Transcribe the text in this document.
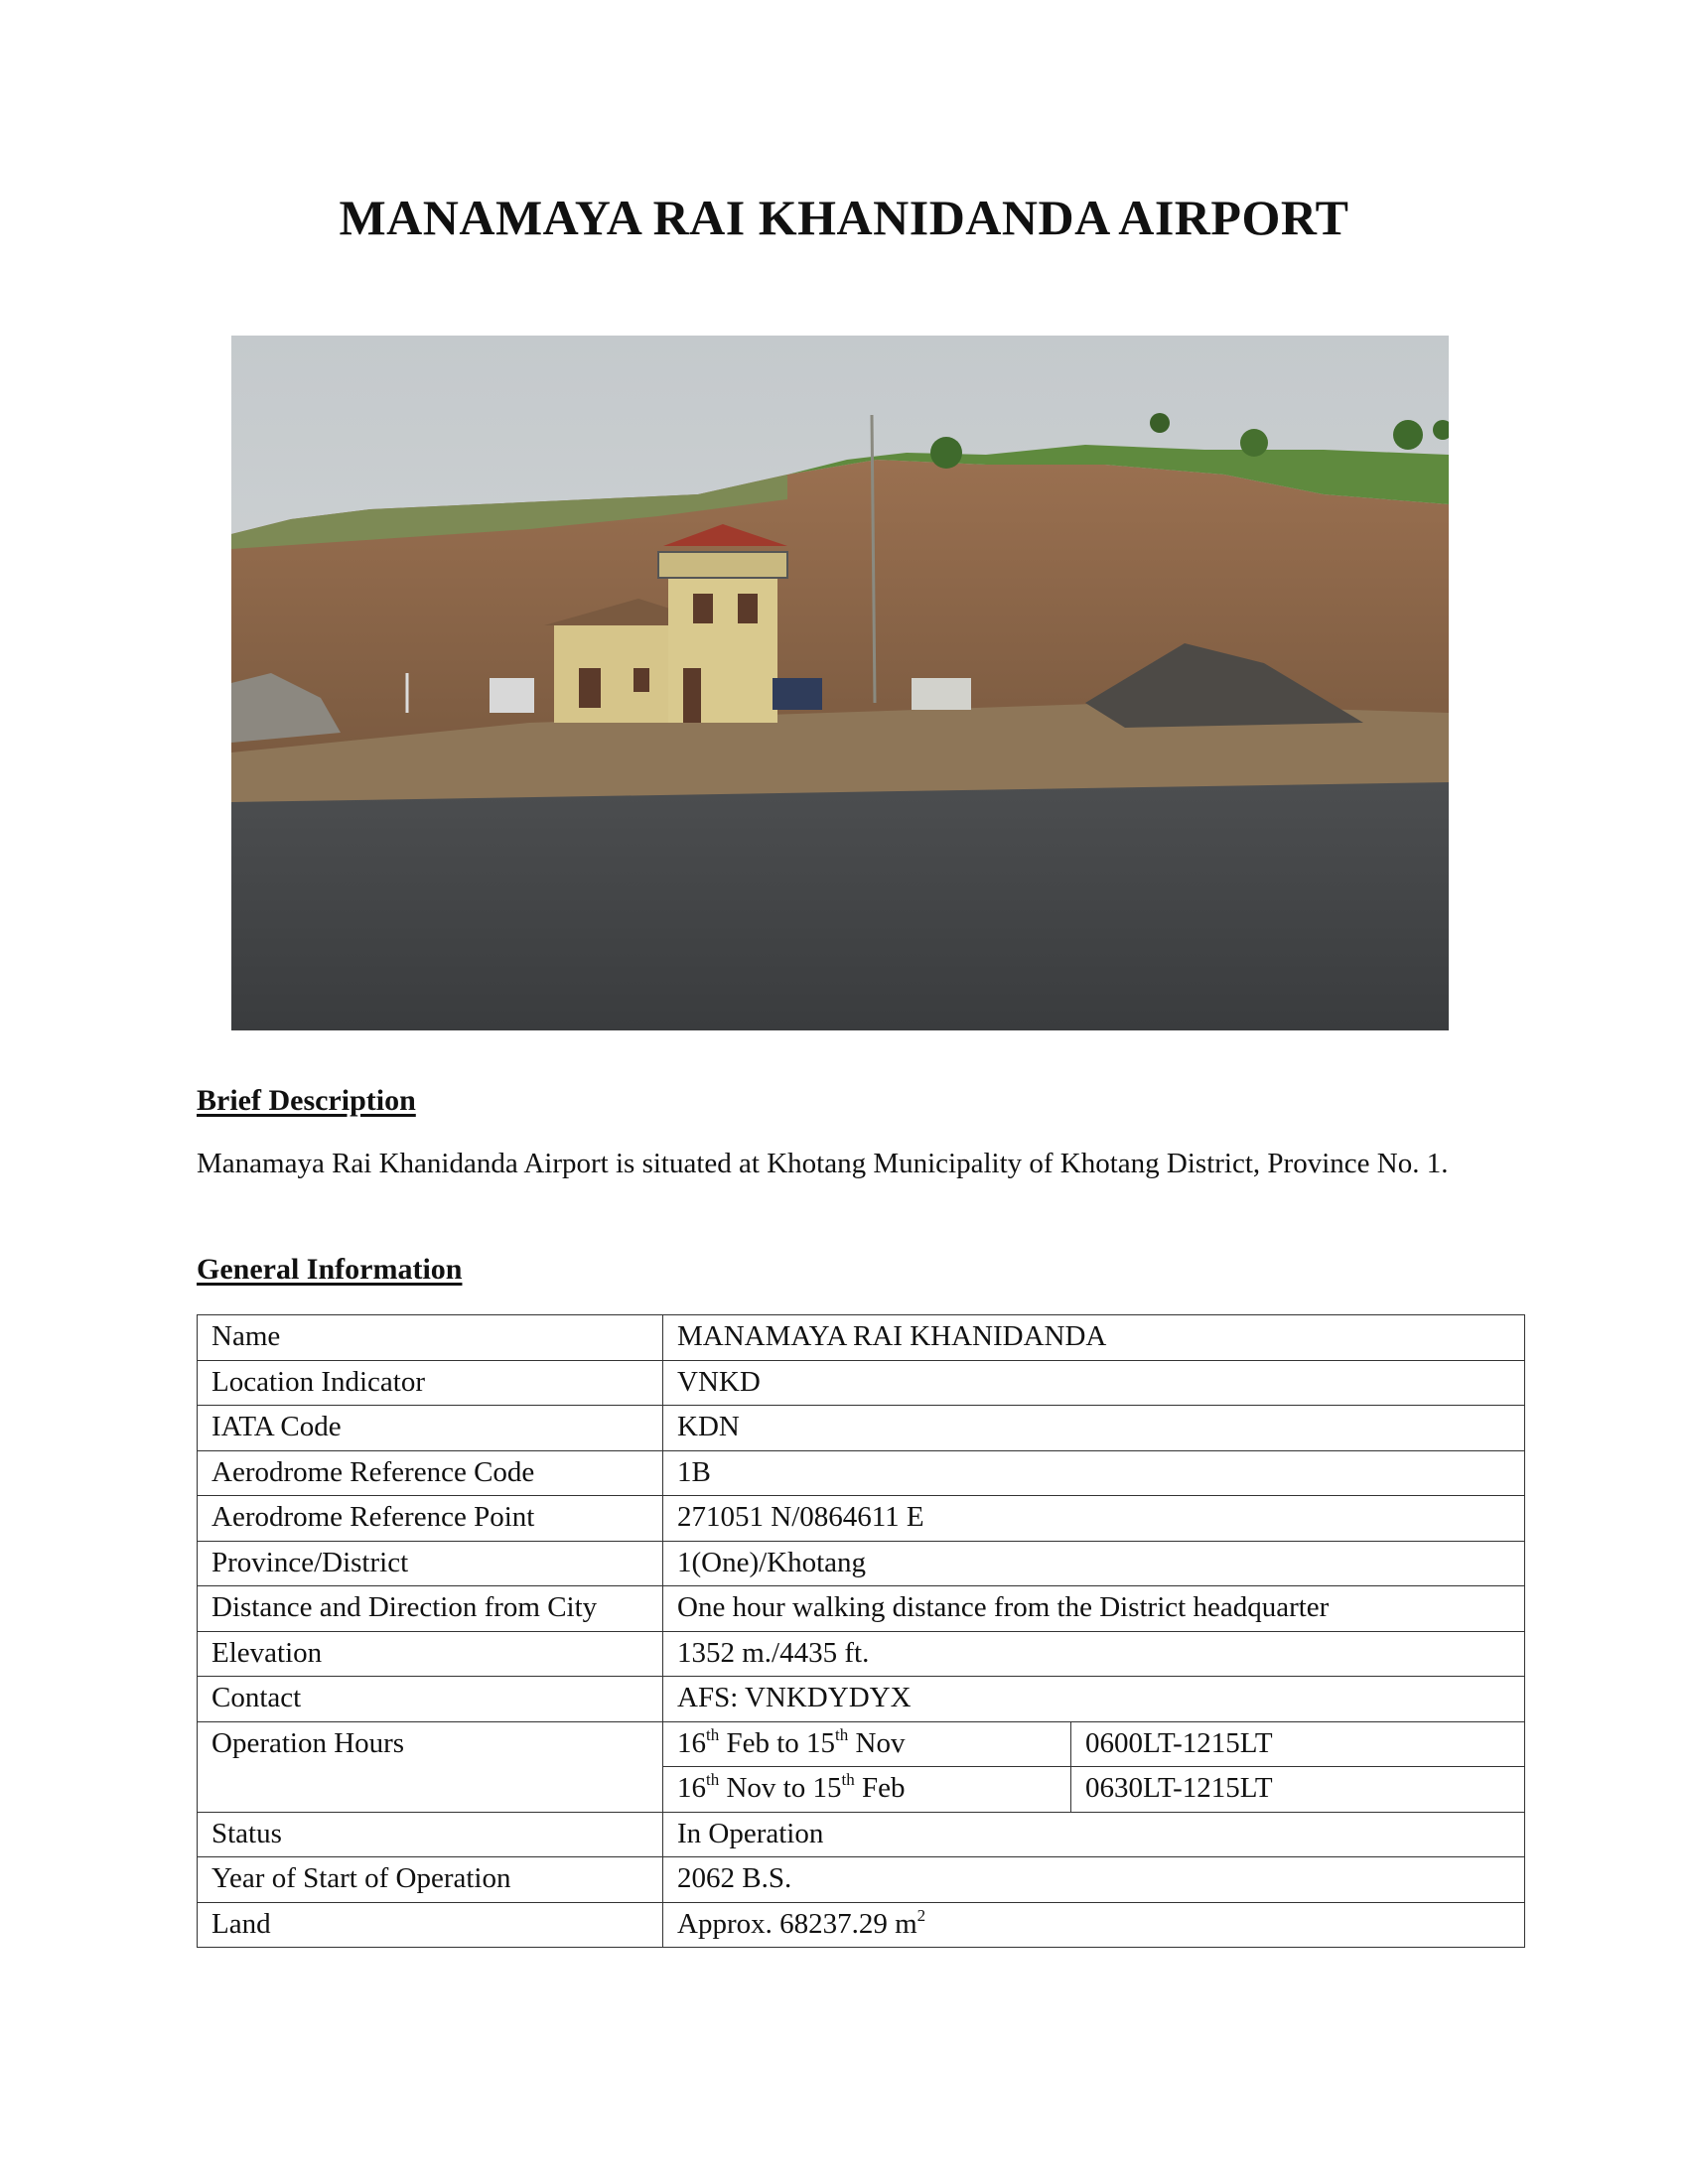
MANAMAYA RAI KHANIDANDA AIRPORT
Brief Description
Manamaya Rai Khanidanda Airport is situated at Khotang Municipality of Khotang District, Province No. 1.
General Information
Name	MANAMAYA RAI KHANIDANDA	
Location Indicator	VNKD	
IATA Code	KDN	
Aerodrome Reference Code	1B	
Aerodrome Reference Point	271051 N/0864611 E	
Province/District	1(One)/Khotang	
Distance and Direction from City	One hour walking distance from the District headquarter	
Elevation	1352 m./4435 ft.	
Contact	AFS: VNKDYDYX	
Operation Hours	16th Feb to 15th Nov	0600LT-1215LT
	16th Nov to 15th Feb	0630LT-1215LT
Status	In Operation	
Year of Start of Operation	2062 B.S.	
Land	Approx. 68237.29 $m^2$
